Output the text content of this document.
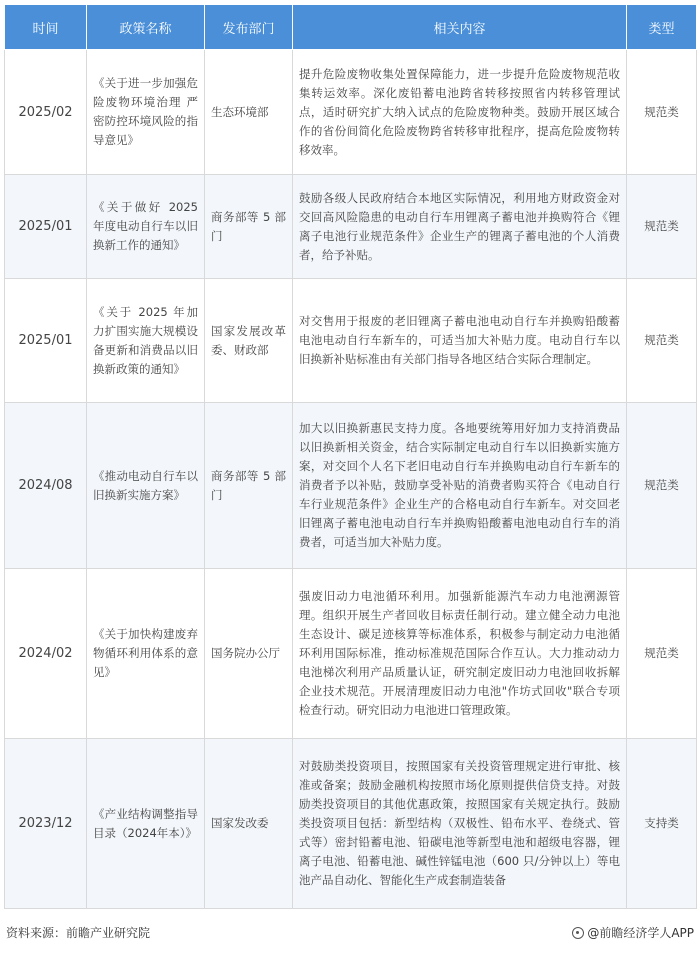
时间	政策名称	发布部门	相关内容	类型
2025/02	《关于进一步加强危险废物环境治理 严密防控环境风险的指导意见》	生态环境部	提升危险废物收集处置保障能力，进一步提升危险废物规范收集转运效率。深化废铅蓄电池跨省转移按照省内转移管理试点，适时研究扩大纳入试点的危险废物种类。鼓励开展区域合作的省份间简化危险废物跨省转移审批程序，提高危险废物转移效率。	规范类
2025/01	《关于做好 2025 年度电动自行车以旧换新工作的通知》	商务部等 5 部门	鼓励各级人民政府结合本地区实际情况，利用地方财政资金对交回高风险隐患的电动自行车用锂离子蓄电池并换购符合《锂离子电池行业规范条件》企业生产的锂离子蓄电池的个人消费者，给予补贴。	规范类
2025/01	《关于 2025 年加力扩围实施大规模设备更新和消费品以旧换新政策的通知》	国家发展改革委、财政部	对交售用于报废的老旧锂离子蓄电池电动自行车并换购铅酸蓄电池电动自行车新车的，可适当加大补贴力度。电动自行车以旧换新补贴标准由有关部门指导各地区结合实际合理制定。	规范类
2024/08	《推动电动自行车以旧换新实施方案》	商务部等 5 部门	加大以旧换新惠民支持力度。各地要统筹用好加力支持消费品以旧换新相关资金，结合实际制定电动自行车以旧换新实施方案，对交回个人名下老旧电动自行车并换购电动自行车新车的消费者予以补贴，鼓励享受补贴的消费者购买符合《电动自行车行业规范条件》企业生产的合格电动自行车新车。对交回老旧锂离子蓄电池电动自行车并换购铅酸蓄电池电动自行车的消费者，可适当加大补贴力度。	规范类
2024/02	《关于加快构建废弃物循环利用体系的意见》	国务院办公厅	强废旧动力电池循环利用。加强新能源汽车动力电池溯源管理。组织开展生产者回收目标责任制行动。建立健全动力电池生态设计、碳足迹核算等标准体系，积极参与制定动力电池循环利用国际标准，推动标准规范国际合作互认。大力推动动力电池梯次利用产品质量认证，研究制定废旧动力电池回收拆解企业技术规范。开展清理废旧动力电池"作坊式回收"联合专项检查行动。研究旧动力电池进口管理政策。	规范类
2023/12	《产业结构调整指导目录（2024年本）》	国家发改委	对鼓励类投资项目，按照国家有关投资管理规定进行审批、核准或备案；鼓励金融机构按照市场化原则提供信贷支持。对鼓励类投资项目的其他优惠政策，按照国家有关规定执行。鼓励类投资项目包括：新型结构（双极性、铅布水平、卷绕式、管式等）密封铅蓄电池、铅碳电池等新型电池和超级电容器，锂离子电池、铅蓄电池、碱性锌锰电池（600 只/分钟以上）等电池产品自动化、智能化生产成套制造装备	支持类
资料来源：前瞻产业研究院	@前瞻经济学人APP
